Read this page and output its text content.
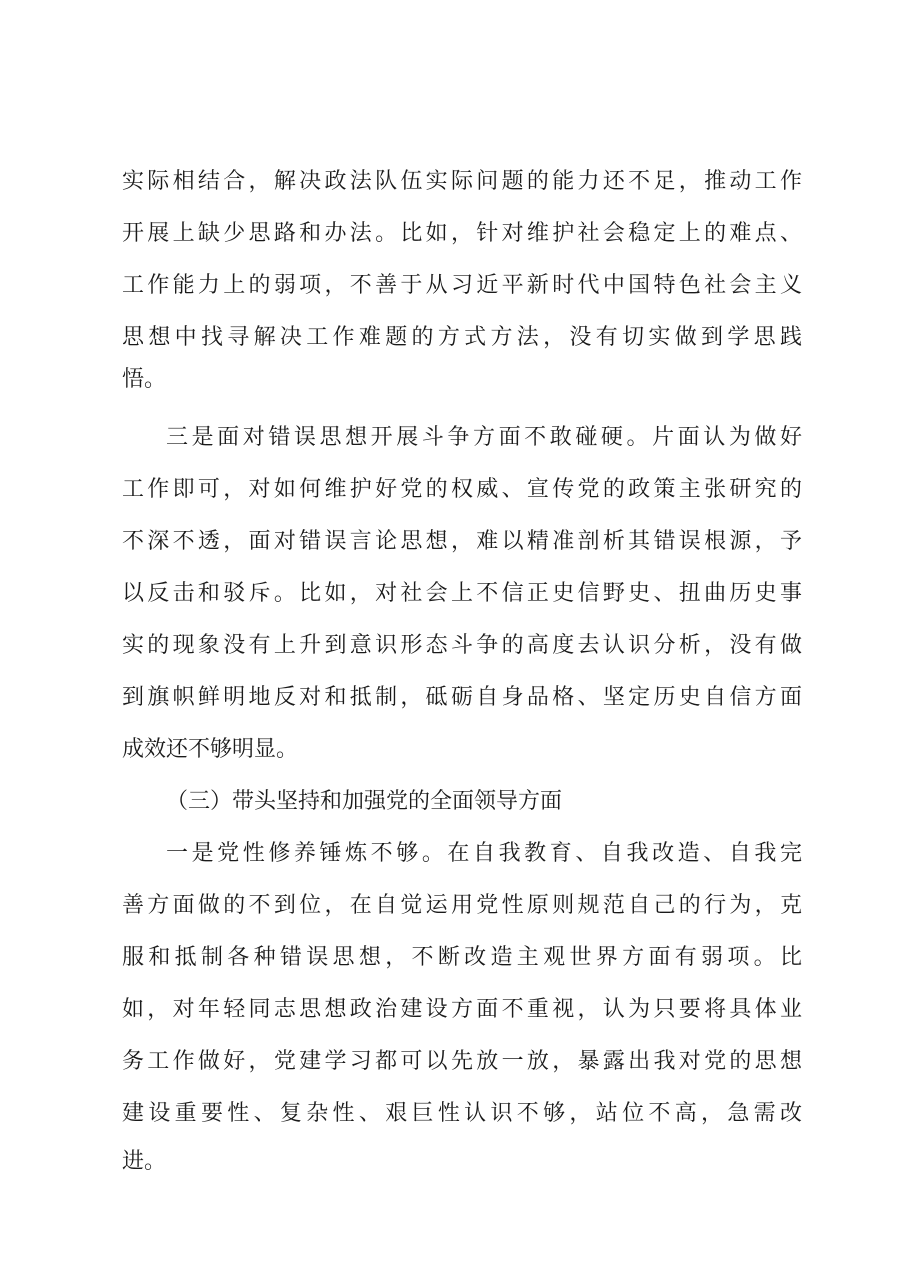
实际相结合，解决政法队伍实际问题的能力还不足，推动工作
开展上缺少思路和办法。比如，针对维护社会稳定上的难点、
工作能力上的弱项，不善于从习近平新时代中国特色社会主义
思想中找寻解决工作难题的方式方法，没有切实做到学思践
悟。
三是面对错误思想开展斗争方面不敢碰硬。片面认为做好
工作即可，对如何维护好党的权威、宣传党的政策主张研究的
不深不透，面对错误言论思想，难以精准剖析其错误根源，予
以反击和驳斥。比如，对社会上不信正史信野史、扭曲历史事
实的现象没有上升到意识形态斗争的高度去认识分析，没有做
到旗帜鲜明地反对和抵制，砥砺自身品格、坚定历史自信方面
成效还不够明显。
（三）带头坚持和加强党的全面领导方面
一是党性修养锤炼不够。在自我教育、自我改造、自我完
善方面做的不到位，在自觉运用党性原则规范自己的行为，克
服和抵制各种错误思想，不断改造主观世界方面有弱项。比
如，对年轻同志思想政治建设方面不重视，认为只要将具体业
务工作做好，党建学习都可以先放一放，暴露出我对党的思想
建设重要性、复杂性、艰巨性认识不够，站位不高，急需改
进。
